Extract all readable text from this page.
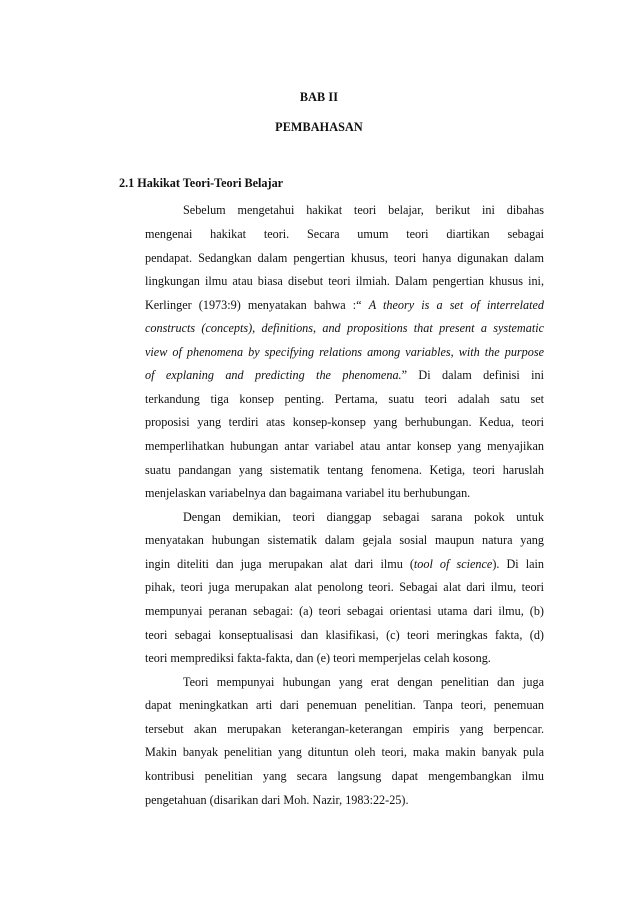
BAB II
PEMBAHASAN
2.1 Hakikat Teori-Teori Belajar
Sebelum mengetahui hakikat teori belajar, berikut ini dibahas
mengenai hakikat teori. Secara umum teori diartikan sebagai
pendapat. Sedangkan dalam pengertian khusus, teori hanya digunakan dalam
lingkungan ilmu atau biasa disebut teori ilmiah. Dalam pengertian khusus ini,
Kerlinger (1973:9) menyatakan bahwa :“ A theory is a set of interrelated
constructs (concepts), definitions, and propositions that present a systematic
view of phenomena by specifying relations among variables, with the purpose
of explaning and predicting the phenomena.” Di dalam definisi ini
terkandung tiga konsep penting. Pertama, suatu teori adalah satu set
proposisi yang terdiri atas konsep-konsep yang berhubungan. Kedua, teori
memperlihatkan hubungan antar variabel atau antar konsep yang menyajikan
suatu pandangan yang sistematik tentang fenomena. Ketiga, teori haruslah
menjelaskan variabelnya dan bagaimana variabel itu berhubungan.
Dengan demikian, teori dianggap sebagai sarana pokok untuk
menyatakan hubungan sistematik dalam gejala sosial maupun natura yang
ingin diteliti dan juga merupakan alat dari ilmu (tool of science). Di lain
pihak, teori juga merupakan alat penolong teori. Sebagai alat dari ilmu, teori
mempunyai peranan sebagai: (a) teori sebagai orientasi utama dari ilmu, (b)
teori sebagai konseptualisasi dan klasifikasi, (c) teori meringkas fakta, (d)
teori memprediksi fakta-fakta, dan (e) teori memperjelas celah kosong.
Teori mempunyai hubungan yang erat dengan penelitian dan juga
dapat meningkatkan arti dari penemuan penelitian. Tanpa teori, penemuan
tersebut akan merupakan keterangan-keterangan empiris yang berpencar.
Makin banyak penelitian yang dituntun oleh teori, maka makin banyak pula
kontribusi penelitian yang secara langsung dapat mengembangkan ilmu
pengetahuan (disarikan dari Moh. Nazir, 1983:22-25).
